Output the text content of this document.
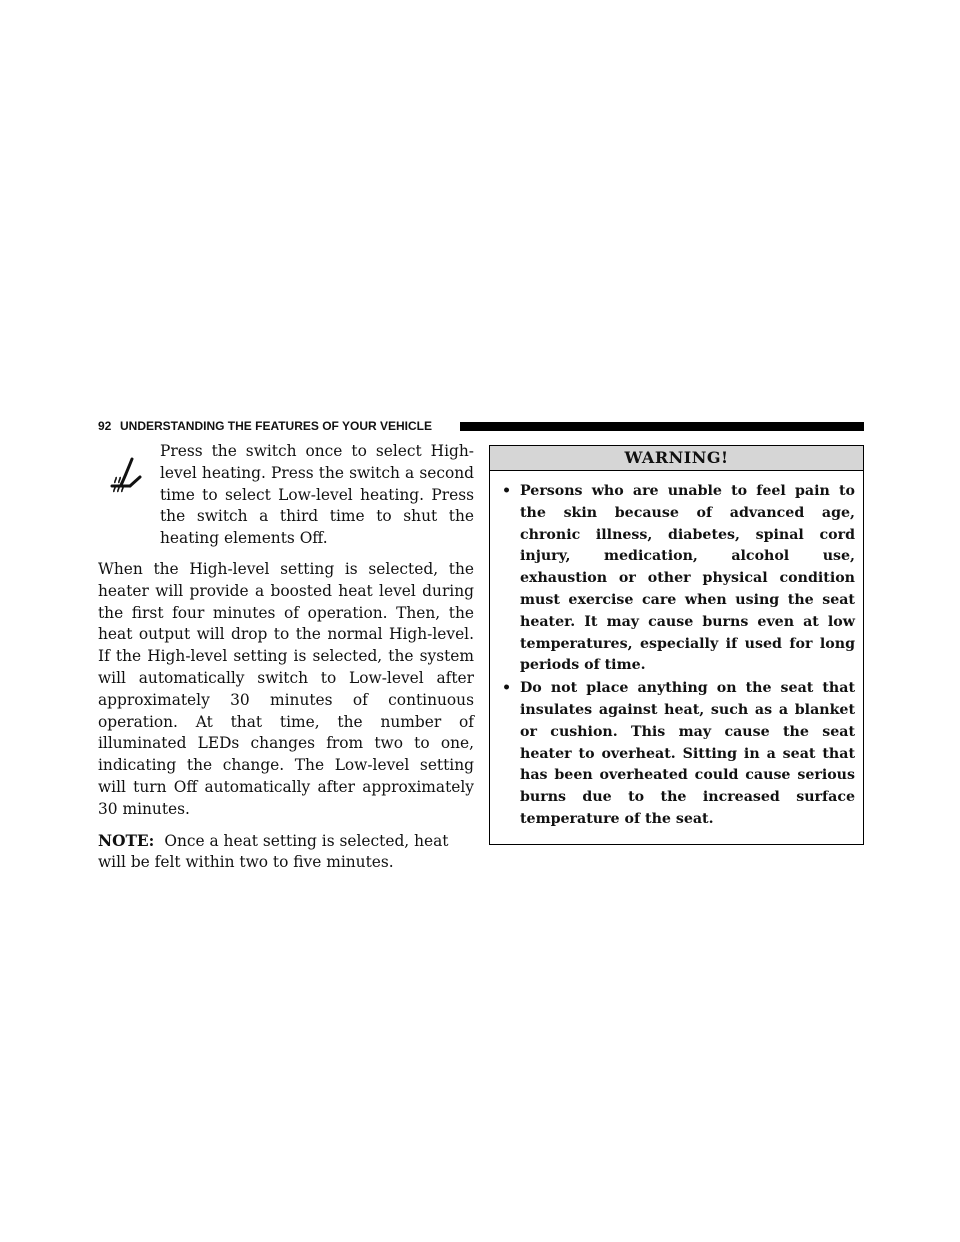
92 UNDERSTANDING THE FEATURES OF YOUR VEHICLE

Press the switch once to select High-level heating. Press the switch a second time to select Low-level heating. Press the switch a third time to shut the heating elements Off.

When the High-level setting is selected, the heater will provide a boosted heat level during the first four minutes of operation. Then, the heat output will drop to the normal High-level. If the High-level setting is selected, the system will automatically switch to Low-level after approximately 30 minutes of continuous operation. At that time, the number of illuminated LEDs changes from two to one, indicating the change. The Low-level setting will turn Off automatically after approximately 30 minutes.

NOTE: Once a heat setting is selected, heat will be felt within two to five minutes.

WARNING!
• Persons who are unable to feel pain to the skin because of advanced age, chronic illness, diabetes, spinal cord injury, medication, alcohol use, exhaustion or other physical condition must exercise care when using the seat heater. It may cause burns even at low temperatures, especially if used for long periods of time.
• Do not place anything on the seat that insulates against heat, such as a blanket or cushion. This may cause the seat heater to overheat. Sitting in a seat that has been overheated could cause serious burns due to the increased surface temperature of the seat.
